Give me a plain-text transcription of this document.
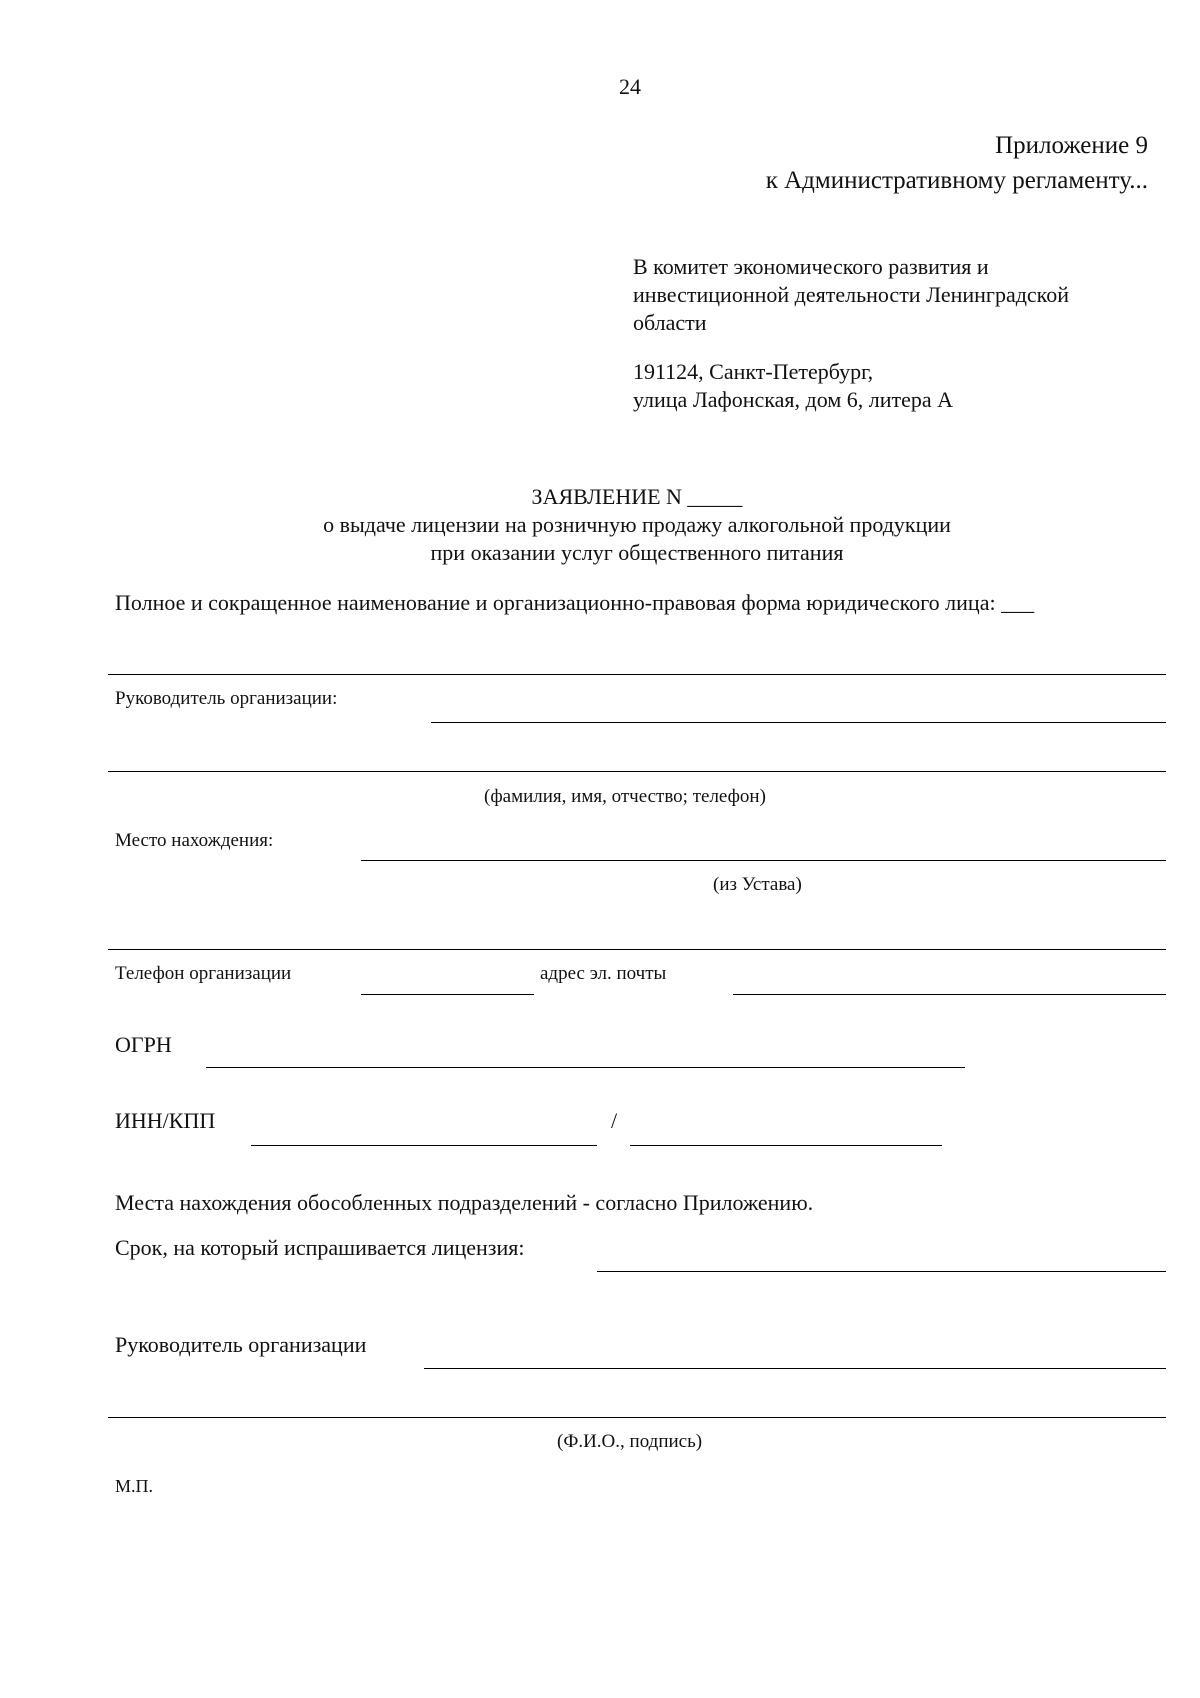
24
Приложение 9
к Административному регламенту...
В комитет экономического развития и
инвестиционной деятельности Ленинградской
области
191124, Санкт-Петербург,
улица Лафонская, дом 6, литера А
ЗАЯВЛЕНИЕ N _____
о выдаче лицензии на розничную продажу алкогольной продукции
при оказании услуг общественного питания
Полное и сокращенное наименование и организационно-правовая форма юридического лица: ___
Руководитель организации:
(фамилия, имя, отчество; телефон)
Место нахождения:
(из Устава)
Телефон организации	адрес эл. почты
ОГРН
ИНН/КПП	/
Места нахождения обособленных подразделений - согласно Приложению.
Срок, на который испрашивается лицензия:
Руководитель организации
(Ф.И.О., подпись)
М.П.
